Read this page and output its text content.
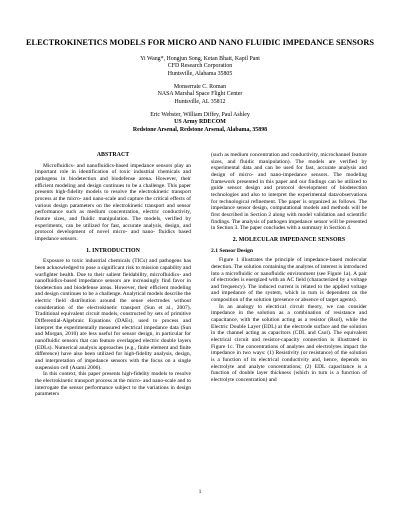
ELECTROKINETICS MODELS FOR MICRO AND NANO FLUIDIC IMPEDANCE SENSORS
Yi Wang*, Hongjun Song, Ketan Bhatt, Kapil Pant
CFD Research Corporation
Huntsville, Alabama 35805
Monserrate C. Roman
NASA Marshal Space Flight Center
Huntsville, AL 35812
Eric Webster, William Diffey, Paul Ashley
US Army RDECOM
Redstone Arsenal, Redstone Arsenal, Alabama, 35898
ABSTRACT

Microfluidics- and nanofluidics-based impedance sensors play an important role in identification of toxic industrial chemicals and pathogens in biodetection and biodefense arena. However, their efficient modeling and design continues to be a challenge. This paper presents high-fidelity models to resolve the electrokinetic transport process at the micro- and nano-scale and capture the critical effects of various design parameters on the electrokinetic transport and sensor performance such as medium concentration, electric conductivity, feature sizes, and fluidic manipulation. The models, verified by experiments, can be utilized for fast, accurate analysis, design, and protocol development of novel micro- and nano- fluidics based impedance sensors.

1. INTRODUCTION

Exposure to toxic industrial chemicals (TICs) and pathogens has been acknowledged to pose a significant risk to mission capability and warfighter health. Due to their salient fieldability, microfluidics- and nanofluidics-based impedance sensors are increasingly find favor in biodetection and biodefense areas. However, their efficient modeling and design continues to be a challenge. Analytical models describe the electric field distribution around the sense electrodes without consideration of the electrokinetic transport (Sun et al., 2007). Traditional equivalent circuit models, constructed by sets of primitive Differential-Algebraic Equations (DAEs), used to process and interpret the experimentally measured electrical impedance data (Sun and Morgan, 2010) are less useful for sensor design, in particular for nanofluidic sensors that can feature overlapped electric double layers (EDLs). Numerical analysis approaches (e.g., finite element and finite difference) have also been utilized for high-fidelity analysis, design, and interpretation of impedance sensors with the focus on a single suspension cell (Asami 2006).

In this context, this paper presents high-fidelity models to resolve the electrokinetic transport process at the micro- and nano-scale and to interrogate the sensor performance subject to the variations in design parameters

(such as medium concentration and conductivity, microchannel feature sizes, and fluidic manipulation). The models are verified by experimental data and can be used for fast, accurate analysis and design of micro- and nano-impedance sensors. The modeling framework presented in this paper and our findings can be utilized to guide sensor design and protocol development of biodetection technologies and also to interpret the experimental data/observations for technological refinement. The paper is organized as follows. The impedance sensor design, computational models and methods will be first described in Section 2 along with model validation and scientific findings. The analysis of pathogen impedance sensor will be presented in Section 3. The paper concludes with a summary in Section 4.

2. MOLECULAR IMPEDANCE SENSORS
2.1 Sensor Design

Figure 1 illustrates the principle of impedance-based molecular detection. The solution containing the analytes of interest is introduced into a microfluidic or nanofluidic environment (see Figure 1a). A pair of electrodes is energized with an AC field (characterized by a voltage and frequency). The induced current is related to the applied voltage and impedance of the system, which in turn is dependent on the composition of the solution (presence or absence of target agents).

In an analogy to electrical circuit theory, we can consider impedance in the solution as a combination of resistance and capacitance, with the solution acting as a resistor (Rsol), while the Electric Double Layer (EDL) at the electrode surface and the solution in the channel acting as capacitors (CDL and Csol). The equivalent electrical circuit and resistor-capacity connection is illustrated in Figure 1c. The concentrations of analytes and electrolytes impact the impedance in two ways: (1) Resistivity (or resistance) of the solution is a function of its electrical conductivity and, hence, depends on electrolyte and analyte concentrations; (2) EDL capacitance is a function of double layer thickness (which in turn is a function of electrolyte concentration) and

1
